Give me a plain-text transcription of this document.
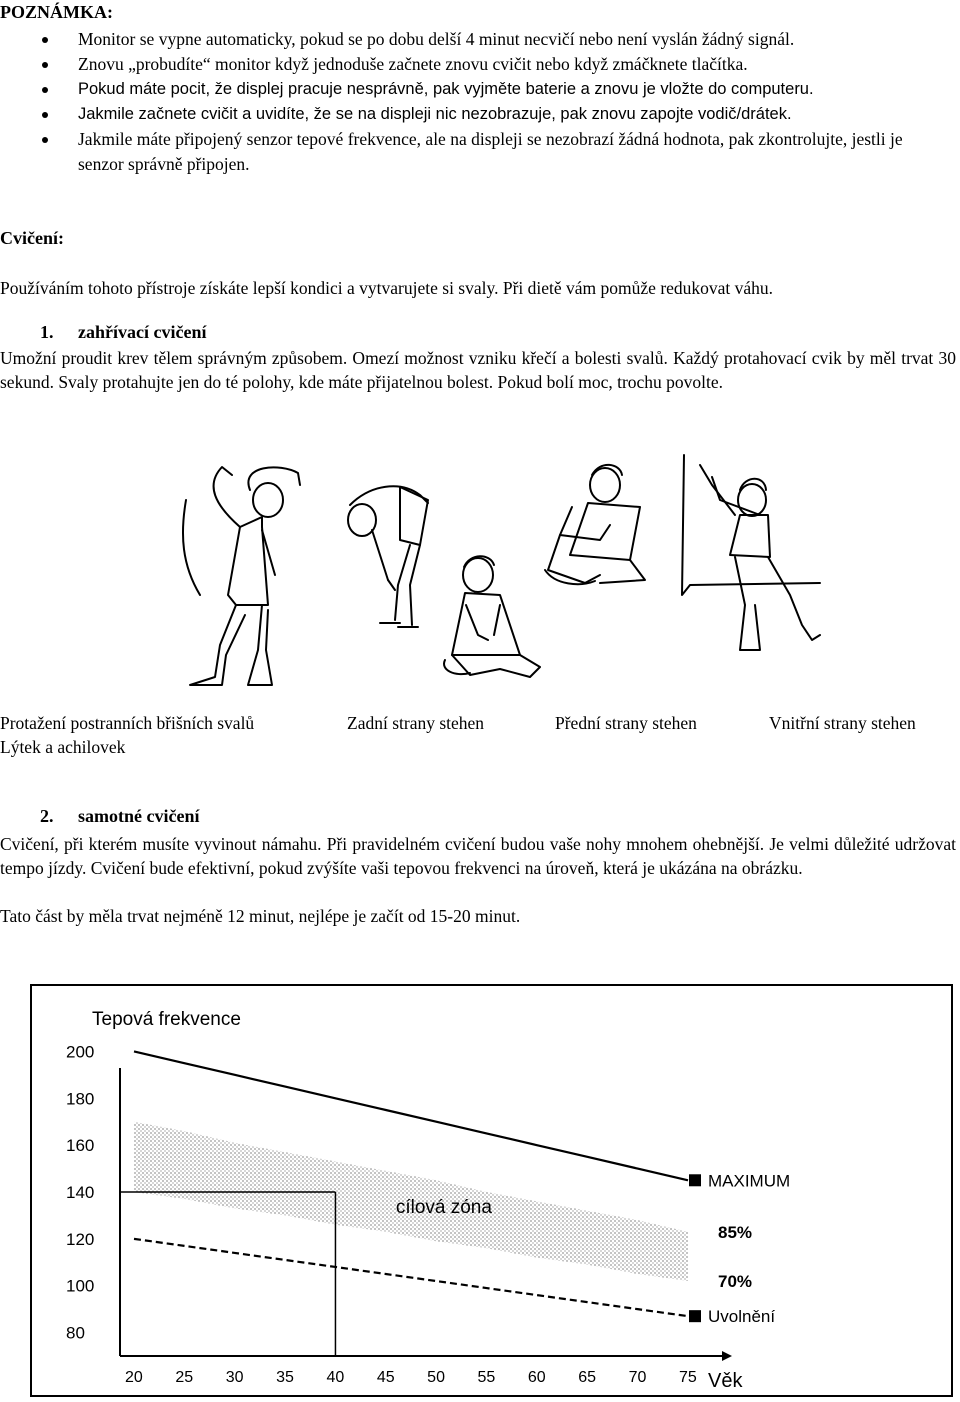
POZNÁMKA:
Monitor se vypne automaticky, pokud se po dobu delší 4 minut necvičí nebo není vyslán žádný signál.
Znovu „probudíte“ monitor když jednoduše začnete znovu cvičit nebo když zmáčknete tlačítka.
Pokud máte pocit, že displej pracuje nesprávně, pak vyjměte baterie a znovu je vložte do computeru.
Jakmile začnete cvičit a uvidíte, že se na displeji nic nezobrazuje, pak znovu zapojte vodič/drátek.
Jakmile máte připojený senzor tepové frekvence, ale na displeji se nezobrazí žádná hodnota, pak zkontrolujte, jestli je senzor správně připojen.
Cvičení:
Používáním tohoto přístroje získáte lepší kondici a vytvarujete si svaly. Při dietě vám pomůže redukovat váhu.
1. zahřívací cvičení
Umožní proudit krev tělem správným způsobem. Omezí možnost vzniku křečí a bolesti svalů. Každý protahovací cvik by měl trvat 30 sekund. Svaly protahujte jen do té polohy, kde máte přijatelnou bolest. Pokud bolí moc, trochu povolte.
Protažení postranních břišních svalů	Zadní strany stehen	Přední strany stehen	Vnitřní strany stehen
Lýtek a achilovek
2. samotné cvičení
Cvičení, při kterém musíte vyvinout námahu. Při pravidelném cvičení budou vaše nohy mnohem ohebnější. Je velmi důležité udržovat tempo jízdy. Cvičení bude efektivní, pokud zvýšíte vaši tepovou frekvenci na úroveň, která je ukázána na obrázku.
Tato část by měla trvat nejméně 12 minut, nejlépe je začít od 15-20 minut.
Tepová frekvence
Věk
MAXIMUM
85%
70%
Uvolnění
cílová zóna
200
180
160
140
120
100
80
20 25 30 35 40 45 50 55 60 65 70 75
